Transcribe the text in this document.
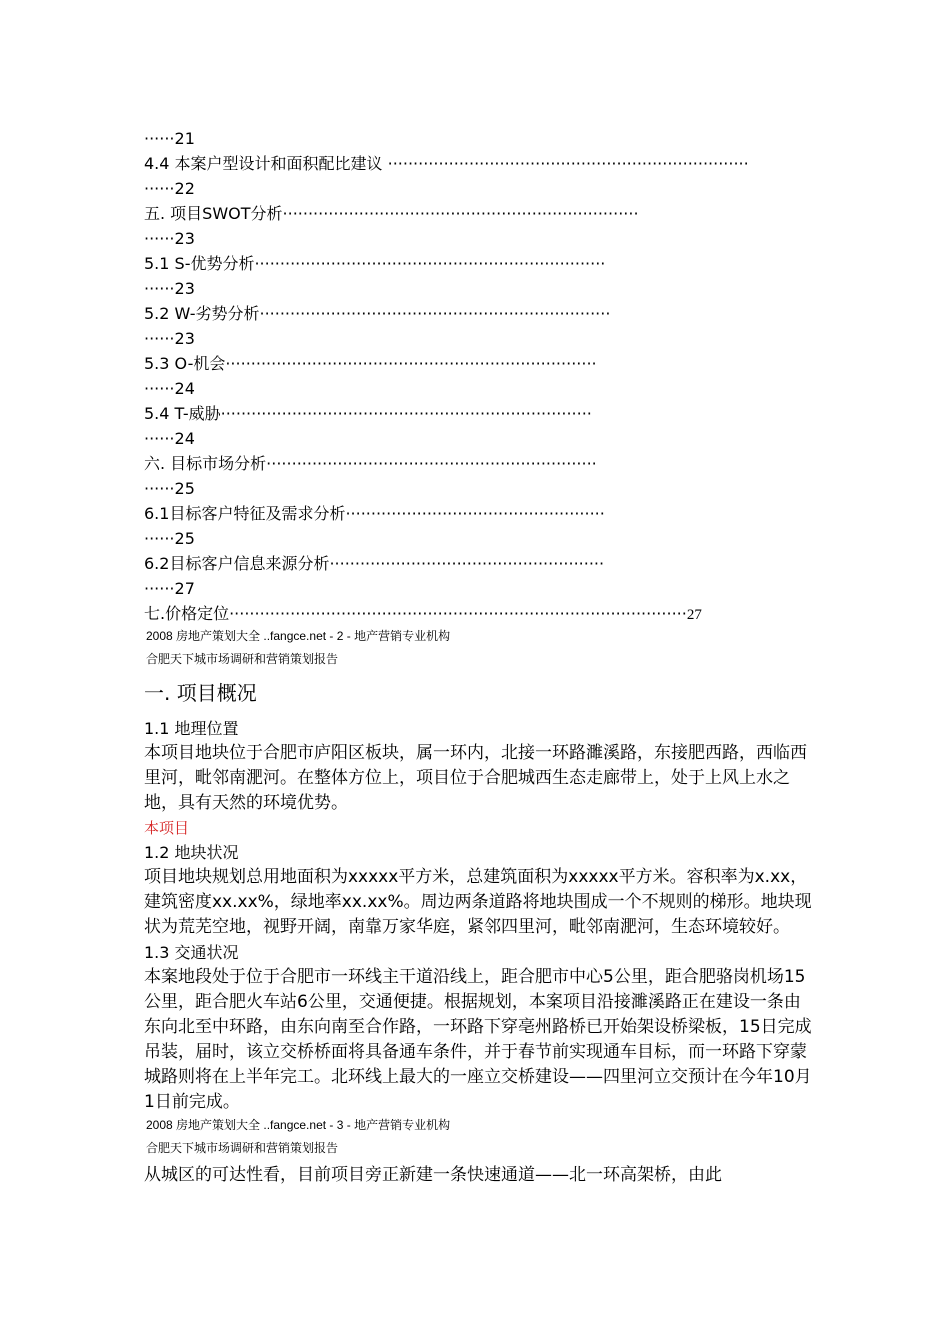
······21
4.4 本案户型设计和面积配比建议 ·······································································
······22
五. 项目SWOT分析······································································
······23
5.1 S-优势分析·····································································
······23
5.2 W-劣势分析·····································································
······23
5.3 O-机会·········································································
······24
5.4 T-威胁·········································································
······24
六. 目标市场分析·································································
······25
6.1目标客户特征及需求分析···················································
······25
6.2目标客户信息来源分析······················································
······27
七.价格定位··························································································27
2008 房地产策划大全 ..fangce.net - 2 - 地产营销专业机构
合肥天下城市场调研和营销策划报告
一. 项目概况
1.1 地理位置
本项目地块位于合肥市庐阳区板块，属一环内，北接一环路濉溪路，东接肥西路，西临西里河，毗邻南淝河。在整体方位上，项目位于合肥城西生态走廊带上，处于上风上水之地，具有天然的环境优势。
本项目
1.2 地块状况
项目地块规划总用地面积为xxxxx平方米，总建筑面积为xxxxx平方米。容积率为x.xx，建筑密度xx.xx%，绿地率xx.xx%。周边两条道路将地块围成一个不规则的梯形。地块现状为荒芜空地，视野开阔，南靠万家华庭，紧邻四里河，毗邻南淝河，生态环境较好。
1.3 交通状况
本案地段处于位于合肥市一环线主干道沿线上，距合肥市中心5公里，距合肥骆岗机场15公里，距合肥火车站6公里，交通便捷。根据规划，本案项目沿接濉溪路正在建设一条由东向北至中环路，由东向南至合作路，一环路下穿亳州路桥已开始架设桥梁板，15日完成吊装，届时，该立交桥桥面将具备通车条件，并于春节前实现通车目标，而一环路下穿蒙城路则将在上半年完工。北环线上最大的一座立交桥建设——四里河立交预计在今年10月1日前完成。
2008 房地产策划大全 ..fangce.net - 3 - 地产营销专业机构
合肥天下城市场调研和营销策划报告
从城区的可达性看，目前项目旁正新建一条快速通道——北一环高架桥，由此
